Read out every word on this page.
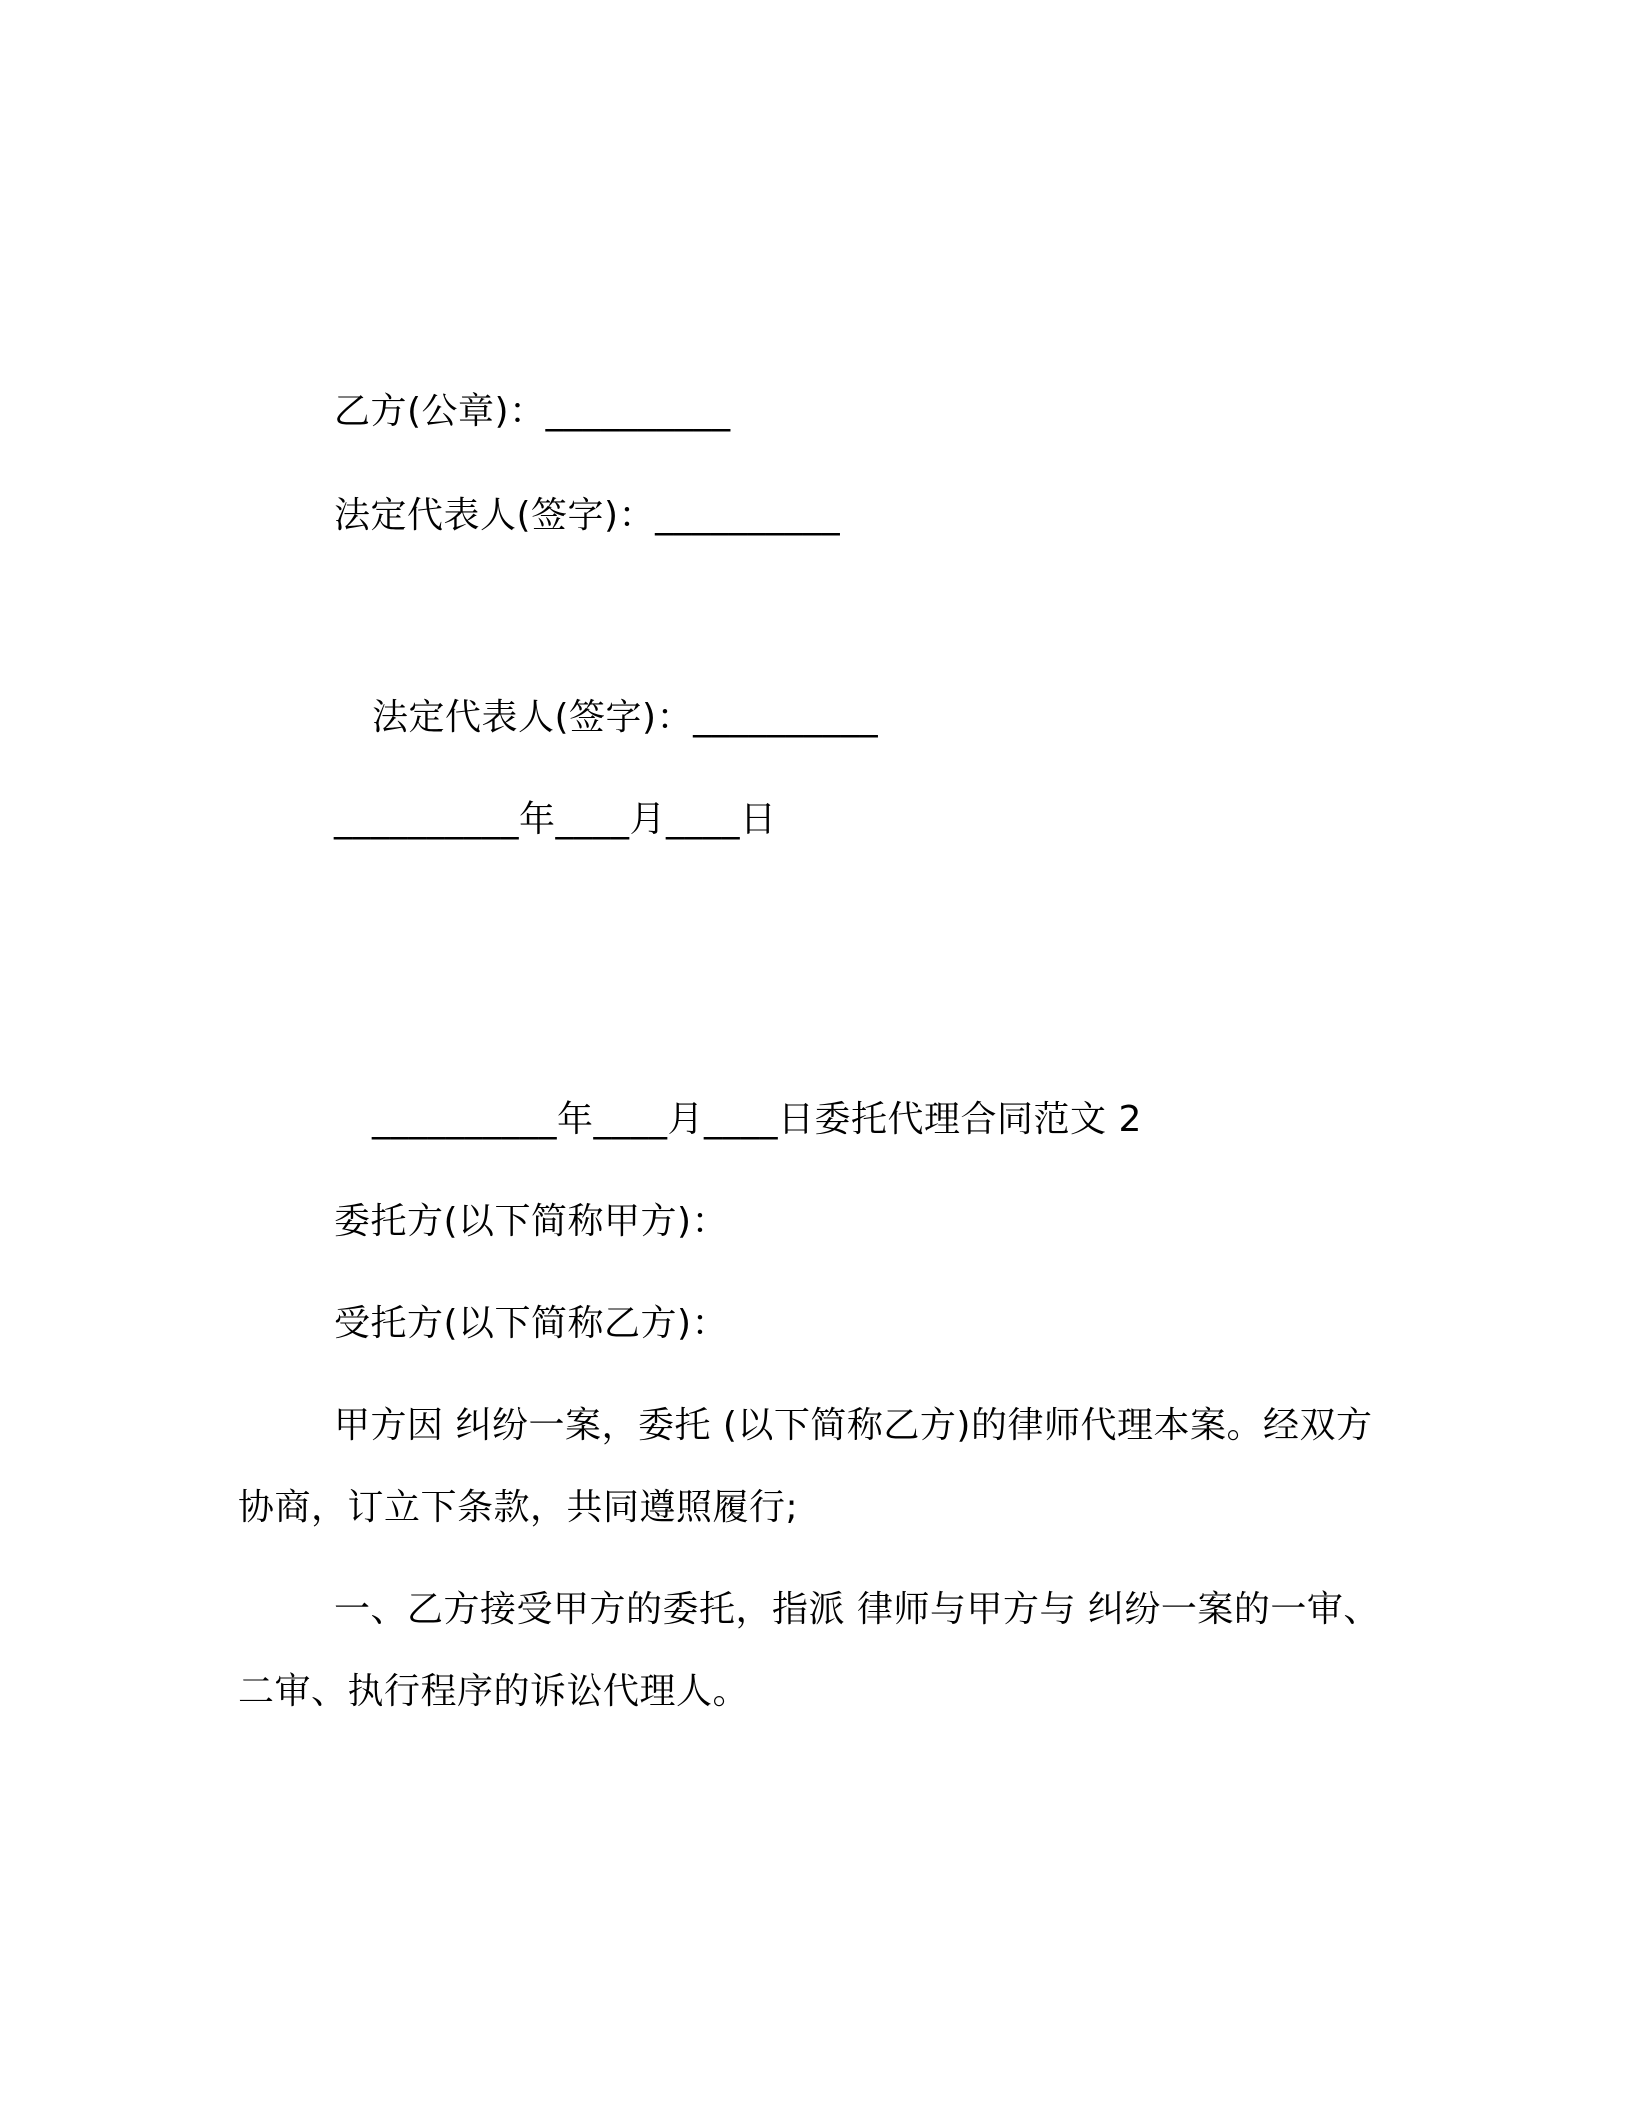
乙方(公章)：__________
法定代表人(签字)：__________
法定代表人(签字)：__________
__________年____月____日
__________年____月____日委托代理合同范文 2
委托方(以下简称甲方)：
受托方(以下简称乙方)：
甲方因 纠纷一案，委托 (以下简称乙方)的律师代理本案。经双方
协商，订立下条款，共同遵照履行;
一、乙方接受甲方的委托，指派 律师与甲方与 纠纷一案的一审、
二审、执行程序的诉讼代理人。
